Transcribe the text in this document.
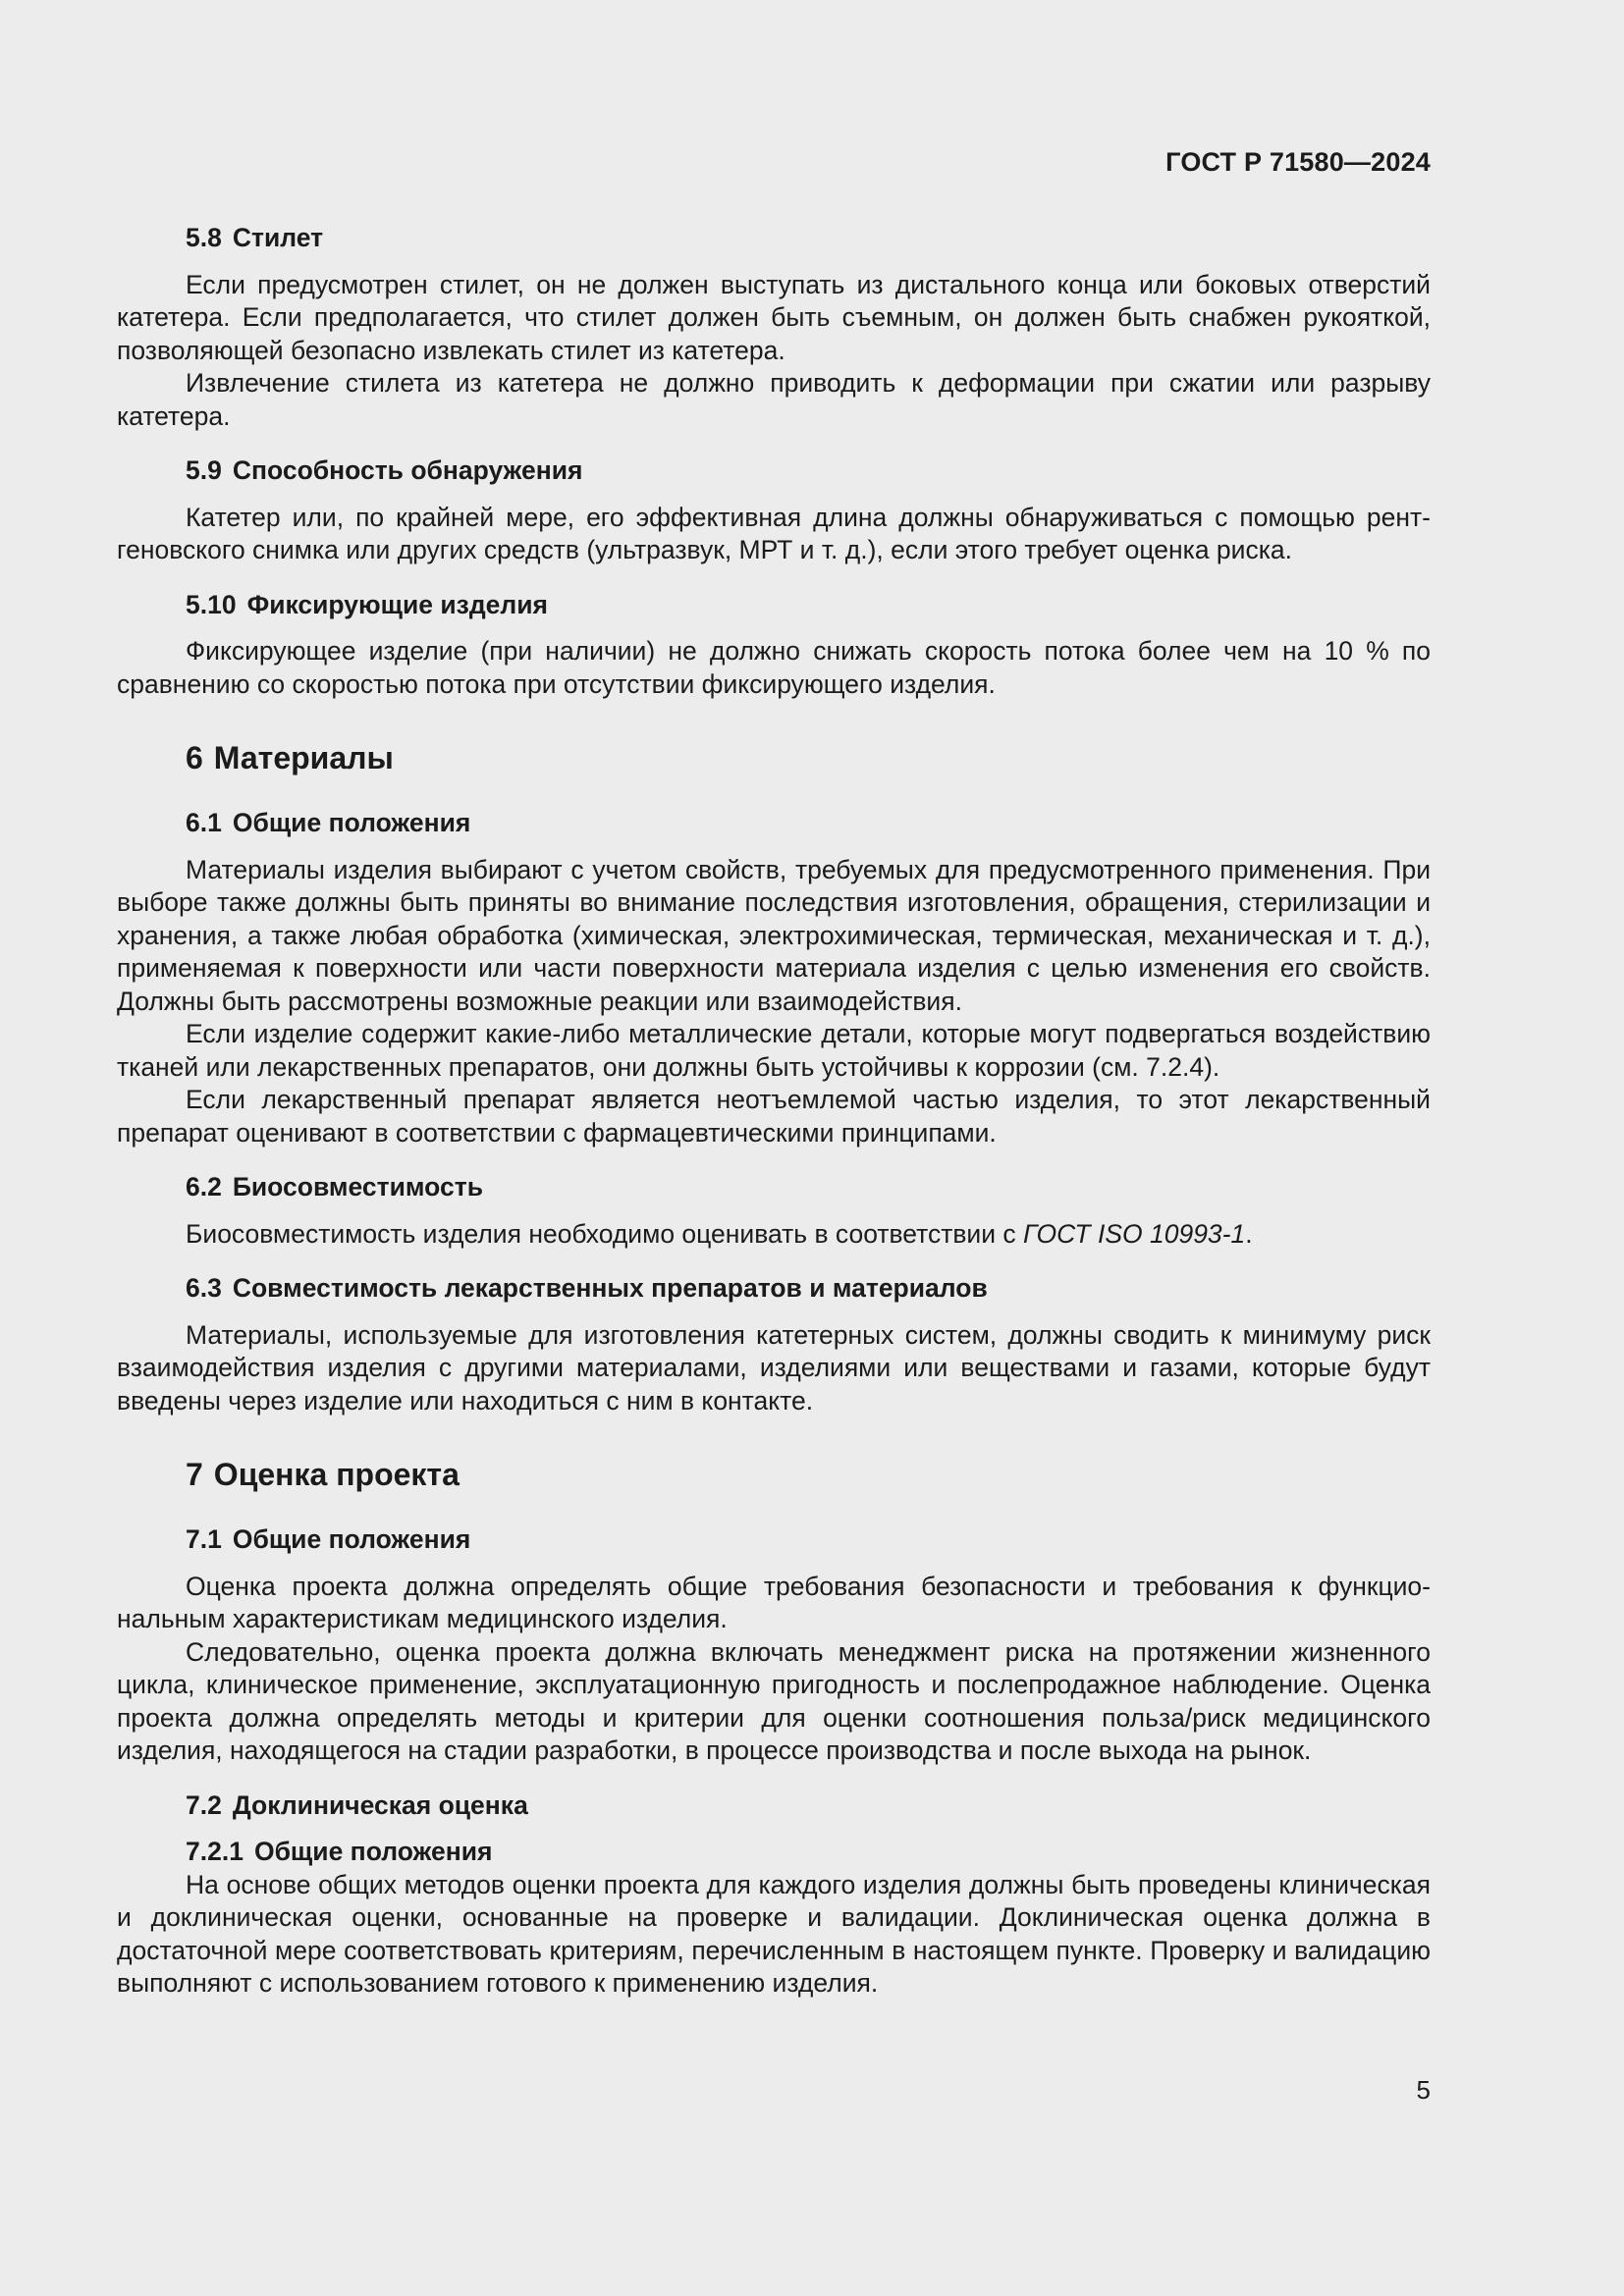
ГОСТ Р 71580—2024
5.8 Стилет

Если предусмотрен стилет, он не должен выступать из дистального конца или боковых отверстий катетера. Если предполагается, что стилет должен быть съемным, он должен быть снабжен рукояткой, позволяющей безопасно извлекать стилет из катетера.

Извлечение стилета из катетера не должно приводить к деформации при сжатии или разрыву катетера.

5.9 Способность обнаружения

Катетер или, по крайней мере, его эффективная длина должны обнаруживаться с помощью рентгеновского снимка или других средств (ультразвук, МРТ и т. д.), если этого требует оценка риска.

5.10 Фиксирующие изделия

Фиксирующее изделие (при наличии) не должно снижать скорость потока более чем на 10 % по сравнению со скоростью потока при отсутствии фиксирующего изделия.

6 Материалы
6.1 Общие положения

Материалы изделия выбирают с учетом свойств, требуемых для предусмотренного применения. При выборе также должны быть приняты во внимание последствия изготовления, обращения, стерилизации и хранения, а также любая обработка (химическая, электрохимическая, термическая, механическая и т. д.), применяемая к поверхности или части поверхности материала изделия с целью изменения его свойств. Должны быть рассмотрены возможные реакции или взаимодействия.

Если изделие содержит какие-либо металлические детали, которые могут подвергаться воздействию тканей или лекарственных препаратов, они должны быть устойчивы к коррозии (см. 7.2.4).

Если лекарственный препарат является неотъемлемой частью изделия, то этот лекарственный препарат оценивают в соответствии с фармацевтическими принципами.

6.2 Биосовместимость

Биосовместимость изделия необходимо оценивать в соответствии с ГОСТ ISO 10993-1.

6.3 Совместимость лекарственных препаратов и материалов

Материалы, используемые для изготовления катетерных систем, должны сводить к минимуму риск взаимодействия изделия с другими материалами, изделиями или веществами и газами, которые будут введены через изделие или находиться с ним в контакте.

7 Оценка проекта
7.1 Общие положения

Оценка проекта должна определять общие требования безопасности и требования к функциональным характеристикам медицинского изделия.

Следовательно, оценка проекта должна включать менеджмент риска на протяжении жизненного цикла, клиническое применение, эксплуатационную пригодность и послепродажное наблюдение. Оценка проекта должна определять методы и критерии для оценки соотношения польза/риск медицинского изделия, находящегося на стадии разработки, в процессе производства и после выхода на рынок.

7.2 Доклиническая оценка
7.2.1 Общие положения

На основе общих методов оценки проекта для каждого изделия должны быть проведены клиническая и доклиническая оценки, основанные на проверке и валидации. Доклиническая оценка должна в достаточной мере соответствовать критериям, перечисленным в настоящем пункте. Проверку и валидацию выполняют с использованием готового к применению изделия.

5
